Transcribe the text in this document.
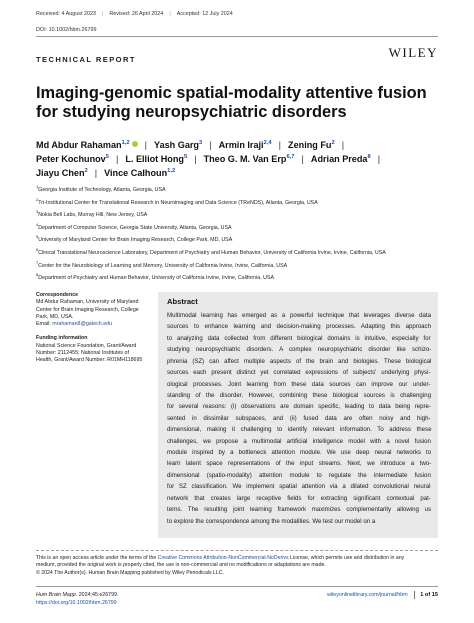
Received: 4 August 2023 | Revised: 26 April 2024 | Accepted: 12 July 2024
DOI: 10.1002/hbm.26799
TECHNICAL REPORT	WILEY
Imaging-genomic spatial-modality attentive fusion for studying neuropsychiatric disorders
Md Abdur Rahaman$^{1,2}$ | Yash Garg$^3$ | Armin Iraji$^{2,4}$ | Zening Fu$^2$ |
Peter Kochunov$^5$ | L. Elliot Hong$^5$ | Theo G. M. Van Erp$^{6,7}$ | Adrian Preda$^8$ |
Jiayu Chen$^2$ | Vince Calhoun$^{1,2}$
$^1$Georgia Institute of Technology, Atlanta, Georgia, USA
$^2$Tri-Institutional Center for Translational Research in Neuroimaging and Data Science (TReNDS), Atlanta, Georgia, USA
$^3$Nokia Bell Labs, Murray Hill, New Jersey, USA
$^4$Department of Computer Science, Georgia State University, Atlanta, Georgia, USA
$^5$University of Maryland Center for Brain Imaging Research, College Park, MD, USA
$^6$Clinical Translational Neuroscience Laboratory, Department of Psychiatry and Human Behavior, University of California Irvine, Irvine, California, USA
$^7$Center for the Neurobiology of Learning and Memory, University of California Irvine, Irvine, California, USA
$^8$Department of Psychiatry and Human Behavior, University of California Irvine, Irvine, California, USA
Correspondence
Md Abdur Rahaman, University of Maryland
Center for Brain Imaging Research, College
Park, MD, USA.
Email: mrahaman8@gatech.edu
Funding information
National Science Foundation, Grant/Award
Number: 2112455; National Institutes of
Health, Grant/Award Number: R01MH118695
Abstract
Multimodal learning has emerged as a powerful technique that leverages diverse data
sources to enhance learning and decision-making processes. Adapting this approach
to analyzing data collected from different biological domains is intuitive, especially for
studying neuropsychiatric disorders. A complex neuropsychiatric disorder like schizo-
phrenia (SZ) can affect multiple aspects of the brain and biologies. These biological
sources each present distinct yet correlated expressions of subjects' underlying physi-
ological processes. Joint learning from these data sources can improve our under-
standing of the disorder. However, combining these biological sources is challenging
for several reasons: (i) observations are domain specific, leading to data being repre-
sented in dissimilar subspaces, and (ii) fused data are often noisy and high-
dimensional, making it challenging to identify relevant information. To address these
challenges, we propose a multimodal artificial intelligence model with a novel fusion
module inspired by a bottleneck attention module. We use deep neural networks to
learn latent space representations of the input streams. Next, we introduce a two-
dimensional (spatio-modality) attention module to regulate the intermediate fusion
for SZ classification. We implement spatial attention via a dilated convolutional neural
network that creates large receptive fields for extracting significant contextual pat-
terns. The resulting joint learning framework maximizes complementarity allowing us
to explore the correspondence among the modalities. We test our model on a
This is an open access article under the terms of the Creative Commons Attribution-NonCommercial-NoDerivs License, which permits use and distribution in any
medium, provided the original work is properly cited, the use is non-commercial and no modifications or adaptations are made.
© 2024 The Author(s). Human Brain Mapping published by Wiley Periodicals LLC.
Hum Brain Mapp. 2024;45:e26799.
https://doi.org/10.1002/hbm.26799
wileyonlinelibrary.com/journal/hbm 1 of 15
